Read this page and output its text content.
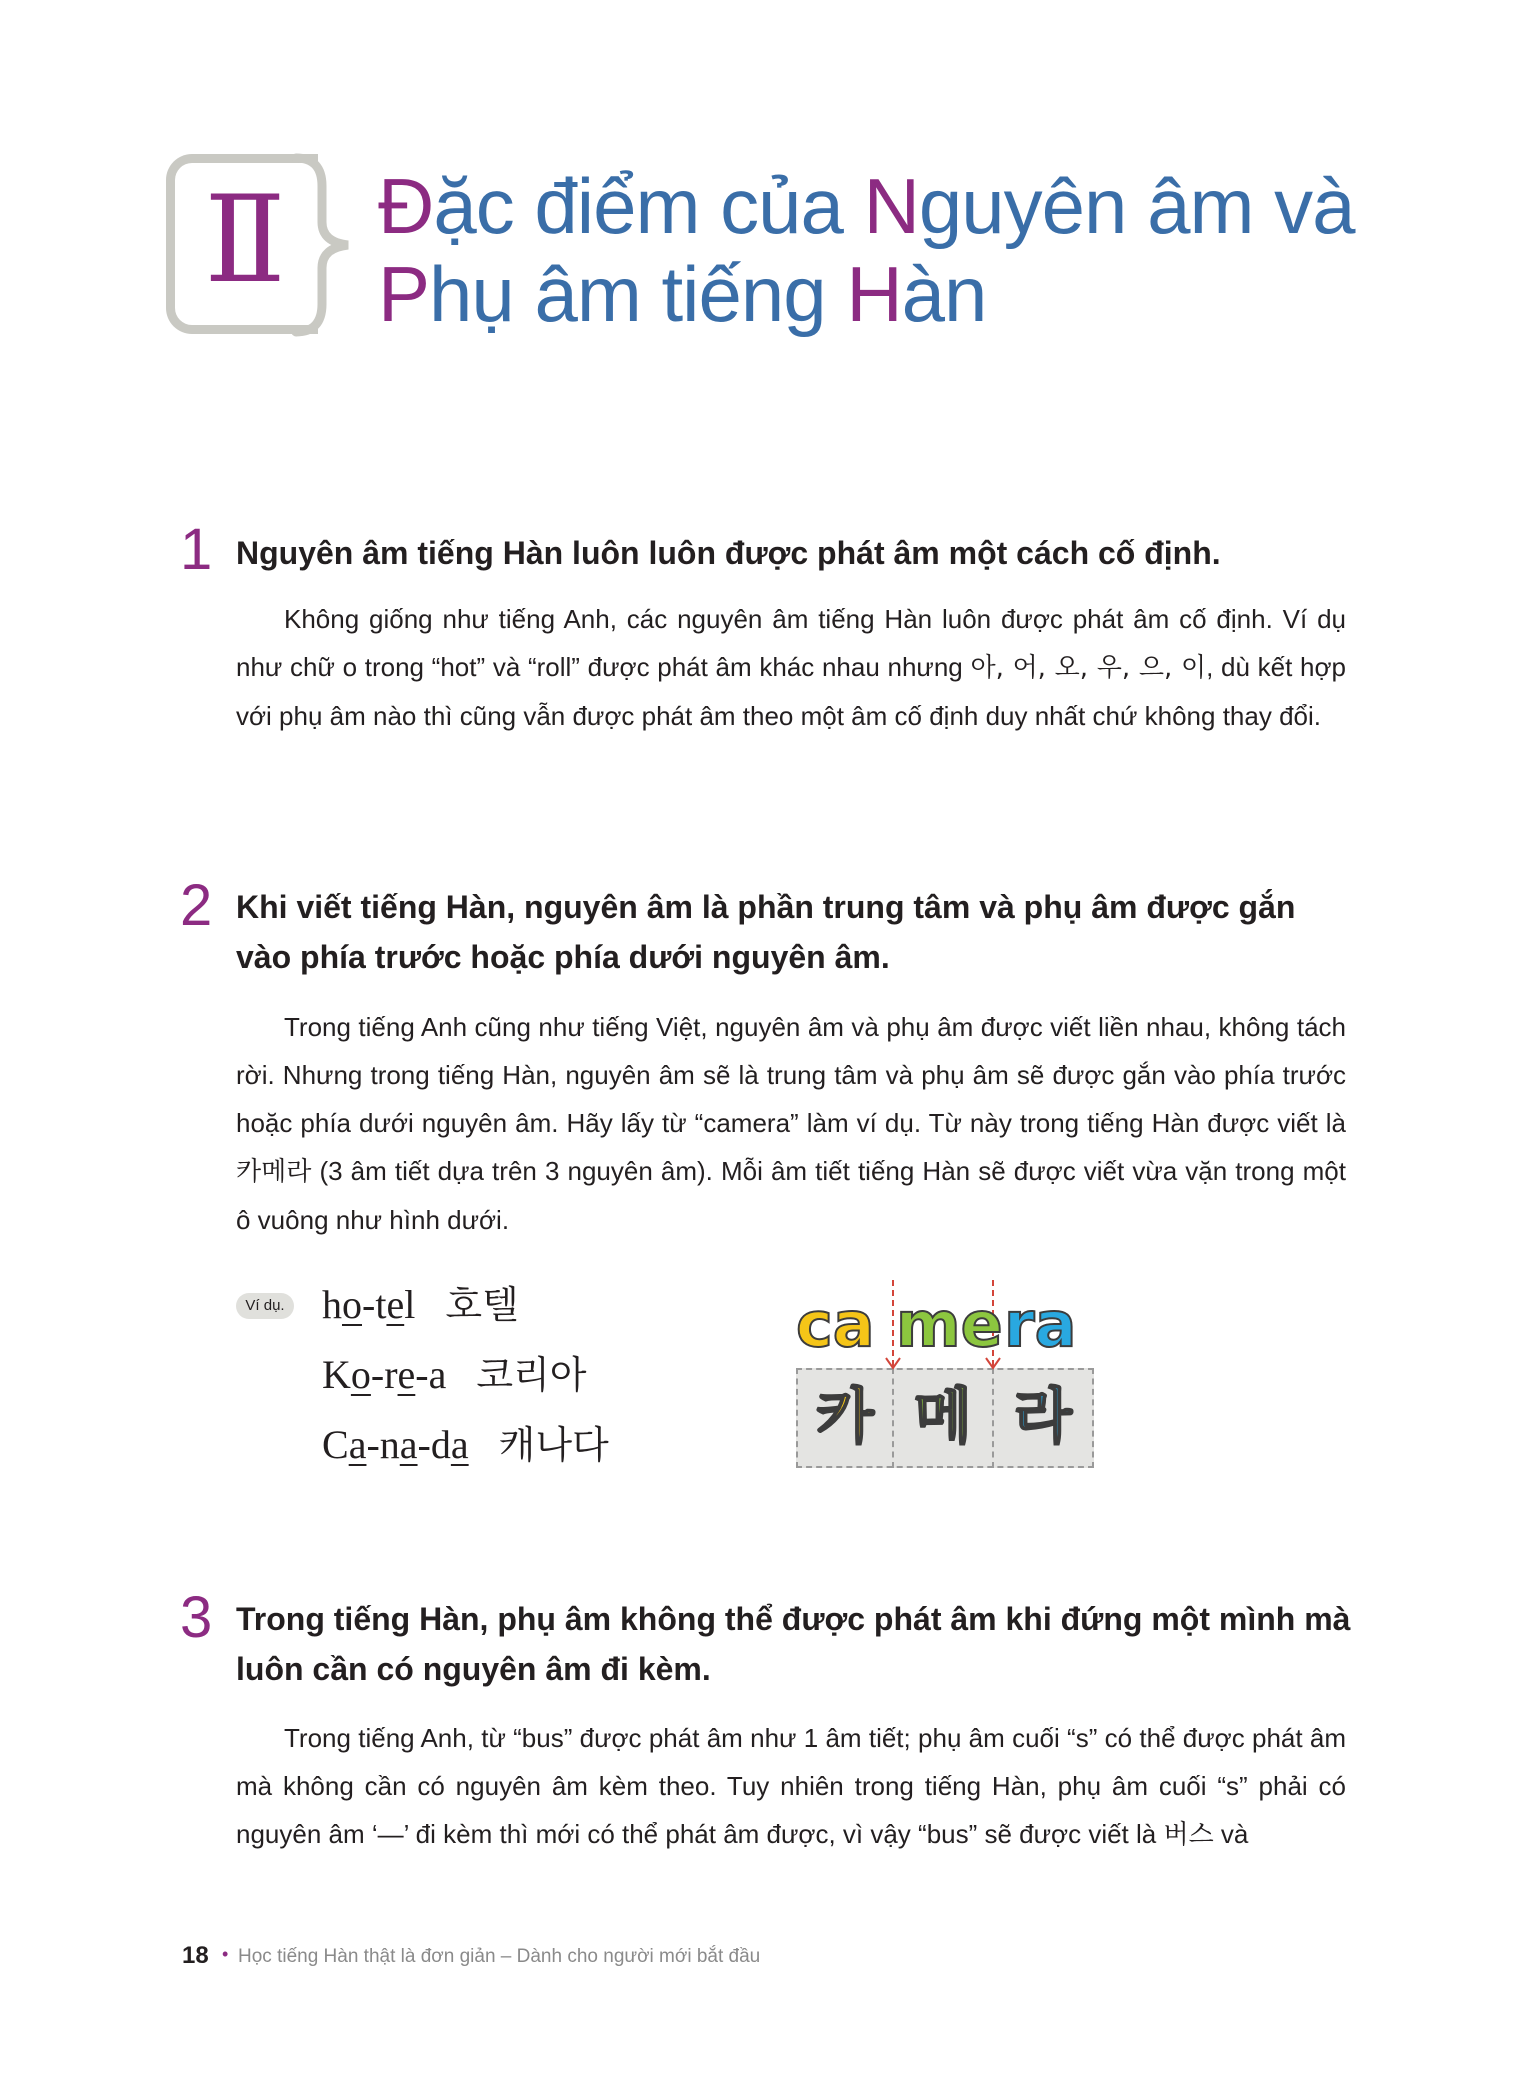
Ⅱ Đặc điểm của Nguyên âm và
Phụ âm tiếng Hàn
1 Nguyên âm tiếng Hàn luôn luôn được phát âm một cách cố định.
Không giống như tiếng Anh, các nguyên âm tiếng Hàn luôn được phát âm cố định. Ví dụ như chữ o trong “hot” và “roll” được phát âm khác nhau nhưng 아, 어, 오, 우, 으, 이, dù kết hợp với phụ âm nào thì cũng vẫn được phát âm theo một âm cố định duy nhất chứ không thay đổi.
2 Khi viết tiếng Hàn, nguyên âm là phần trung tâm và phụ âm được gắn vào phía trước hoặc phía dưới nguyên âm.
Trong tiếng Anh cũng như tiếng Việt, nguyên âm và phụ âm được viết liền nhau, không tách rời. Nhưng trong tiếng Hàn, nguyên âm sẽ là trung tâm và phụ âm sẽ được gắn vào phía trước hoặc phía dưới nguyên âm. Hãy lấy từ “camera” làm ví dụ. Từ này trong tiếng Hàn được viết là 카메라 (3 âm tiết dựa trên 3 nguyên âm). Mỗi âm tiết tiếng Hàn sẽ được viết vừa vặn trong một ô vuông như hình dưới.
Ví dụ. ho-tel 호텔
Ko-re-a 코리아
Ca-na-da 캐나다
ca me ra
카 메 라
3 Trong tiếng Hàn, phụ âm không thể được phát âm khi đứng một mình mà luôn cần có nguyên âm đi kèm.
Trong tiếng Anh, từ “bus” được phát âm như 1 âm tiết; phụ âm cuối “s” có thể được phát âm mà không cần có nguyên âm kèm theo. Tuy nhiên trong tiếng Hàn, phụ âm cuối “s” phải có nguyên âm ‘—’ đi kèm thì mới có thể phát âm được, vì vậy “bus” sẽ được viết là 버스 và
18 • Học tiếng Hàn thật là đơn giản – Dành cho người mới bắt đầu
